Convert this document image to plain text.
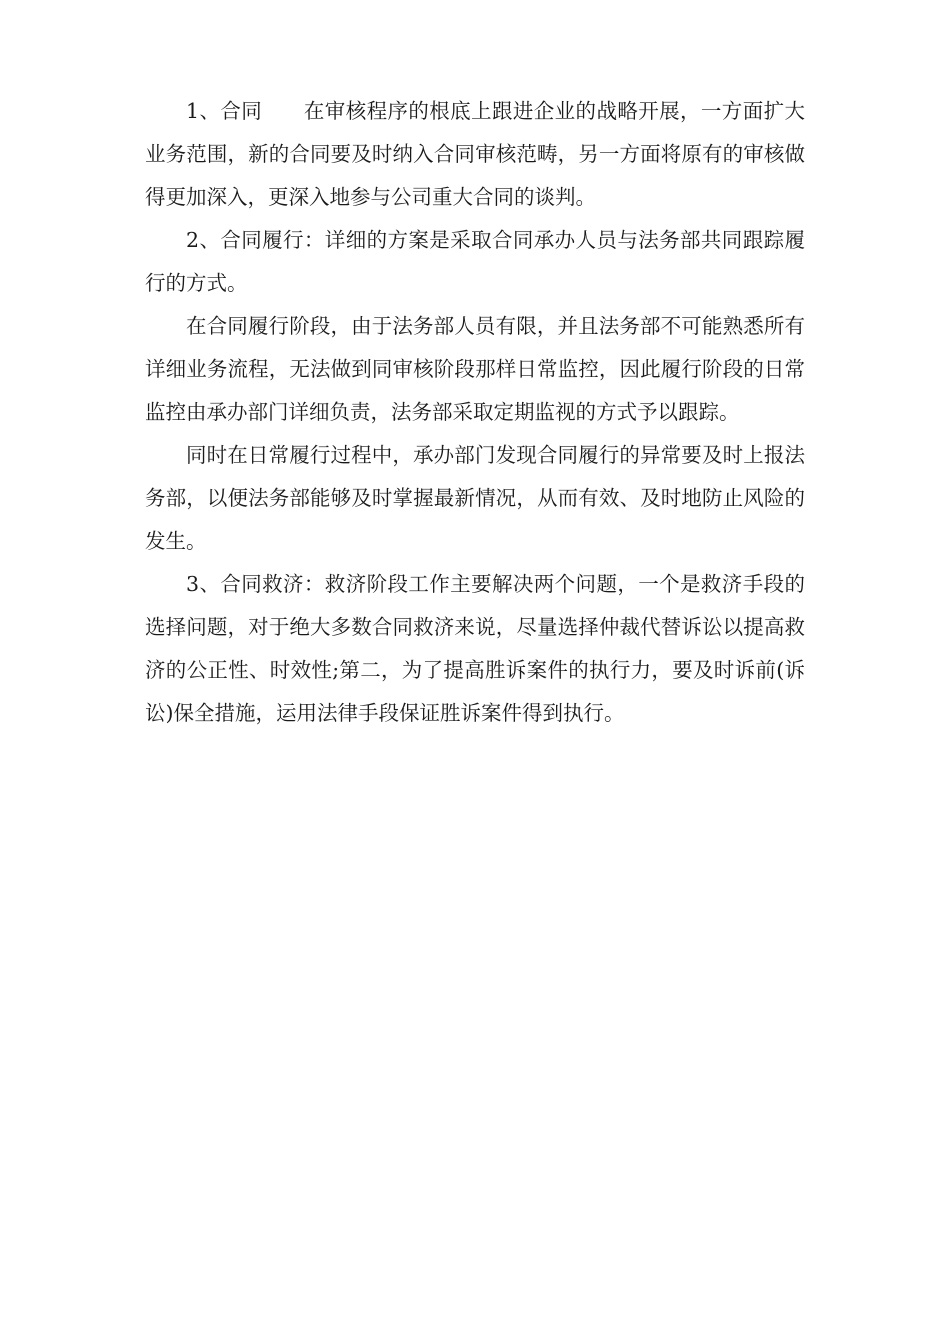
1、合同　　在审核程序的根底上跟进企业的战略开展，一方面扩大业务范围，新的合同要及时纳入合同审核范畴，另一方面将原有的审核做得更加深入，更深入地参与公司重大合同的谈判。

2、合同履行：详细的方案是采取合同承办人员与法务部共同跟踪履行的方式。

在合同履行阶段，由于法务部人员有限，并且法务部不可能熟悉所有详细业务流程，无法做到同审核阶段那样日常监控，因此履行阶段的日常监控由承办部门详细负责，法务部采取定期监视的方式予以跟踪。

同时在日常履行过程中，承办部门发现合同履行的异常要及时上报法务部，以便法务部能够及时掌握最新情况，从而有效、及时地防止风险的发生。

3、合同救济：救济阶段工作主要解决两个问题，一个是救济手段的选择问题，对于绝大多数合同救济来说，尽量选择仲裁代替诉讼以提高救济的公正性、时效性;第二，为了提高胜诉案件的执行力，要及时诉前(诉讼)保全措施，运用法律手段保证胜诉案件得到执行。
